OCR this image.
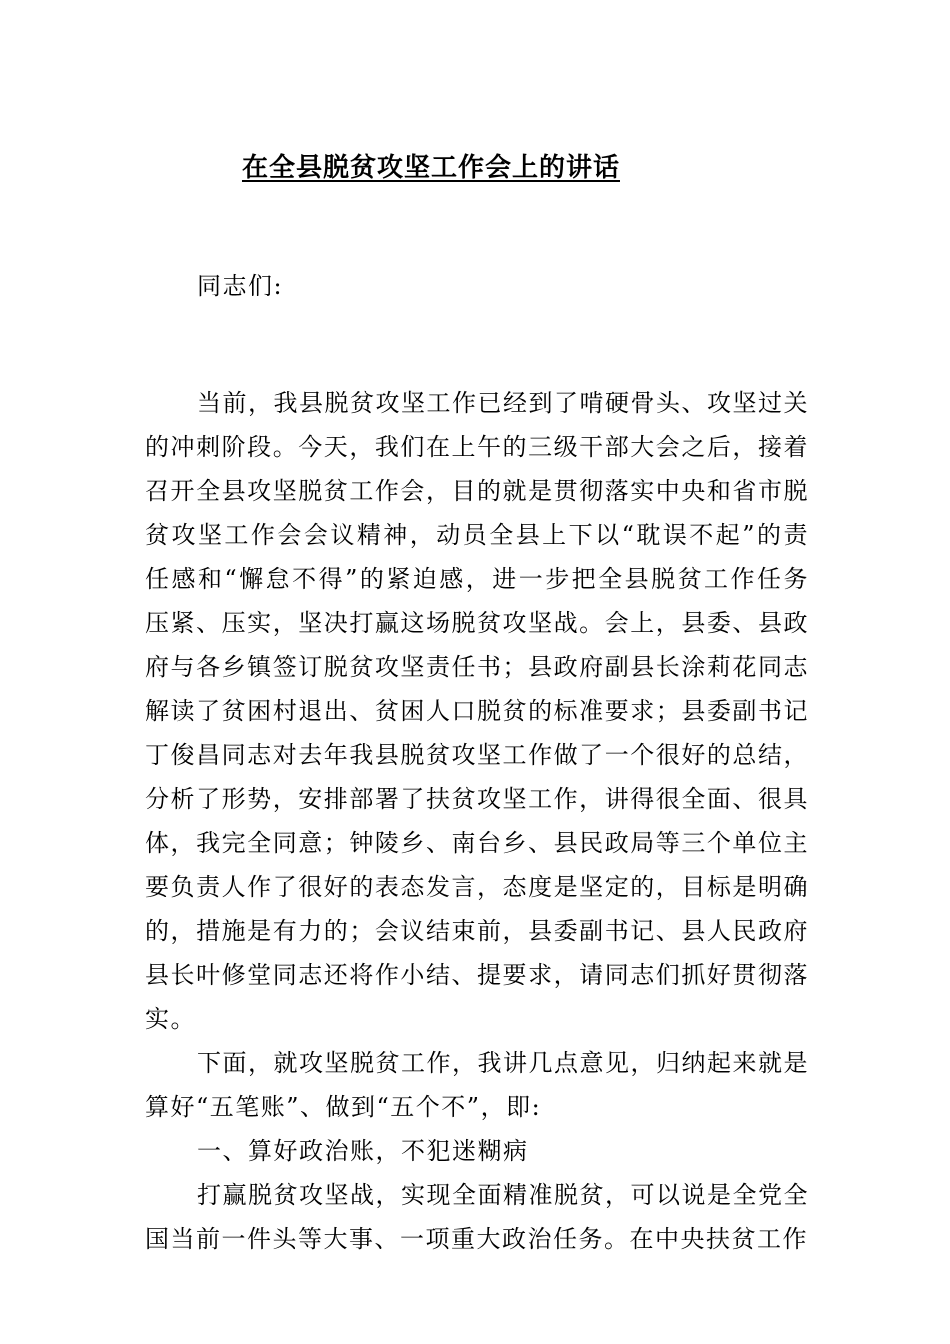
在全县脱贫攻坚工作会上的讲话
同志们:

当前，我县脱贫攻坚工作已经到了啃硬骨头、攻坚过关的冲刺阶段。今天，我们在上午的三级干部大会之后，接着召开全县攻坚脱贫工作会，目的就是贯彻落实中央和省市脱贫攻坚工作会会议精神，动员全县上下以“耽误不起”的责任感和“懈怠不得”的紧迫感，进一步把全县脱贫工作任务压紧、压实，坚决打赢这场脱贫攻坚战。会上，县委、县政府与各乡镇签订脱贫攻坚责任书；县政府副县长涂莉花同志解读了贫困村退出、贫困人口脱贫的标准要求；县委副书记丁俊昌同志对去年我县脱贫攻坚工作做了一个很好的总结，分析了形势，安排部署了扶贫攻坚工作，讲得很全面、很具体，我完全同意；钟陵乡、南台乡、县民政局等三个单位主要负责人作了很好的表态发言，态度是坚定的，目标是明确的，措施是有力的；会议结束前，县委副书记、县人民政府县长叶修堂同志还将作小结、提要求，请同志们抓好贯彻落实。

下面，就攻坚脱贫工作，我讲几点意见，归纳起来就是算好“五笔账”、做到“五个不”，即:

一、算好政治账，不犯迷糊病

打赢脱贫攻坚战，实现全面精准脱贫，可以说是全党全国当前一件头等大事、一项重大政治任务。在中央扶贫工作
